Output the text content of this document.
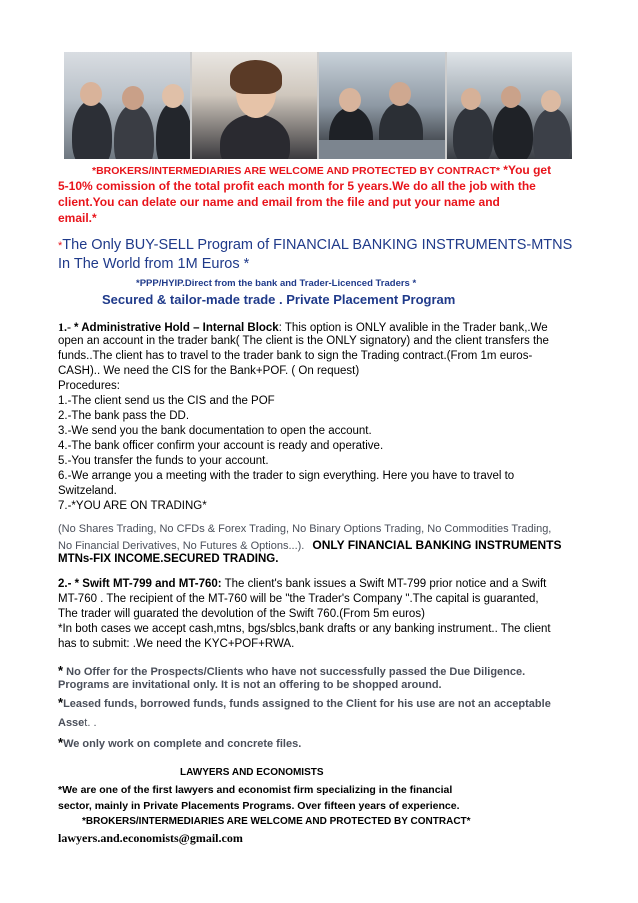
*BROKERS/INTERMEDIARIES ARE WELCOME AND PROTECTED BY CONTRACT* *You get
5-10% comission of the total profit each month for 5 years.We do all the job with the
client.You can delate our name and email from the file and put your name and
email.*
*The Only BUY-SELL Program of FINANCIAL BANKING INSTRUMENTS-MTNS
In The World from 1M Euros *
*PPP/HYIP.Direct from the bank and Trader-Licenced Traders *
Secured & tailor-made trade . Private Placement Program
1.- * Administrative Hold – Internal Block: This option is ONLY avalible in the Trader bank,.We
open an account in the trader bank( The client is the ONLY signatory) and the client transfers the
funds..The client has to travel to the trader bank to sign the Trading contract.(From 1m euros-
CASH).. We need the CIS for the Bank+POF. ( On request)
Procedures:
1.-The client send us the CIS and the POF
2.-The bank pass the DD.
3.-We send you the bank documentation to open the account.
4.-The bank officer confirm your account is ready and operative.
5.-You transfer the funds to your account.
6.-We arrange you a meeting with the trader to sign everything. Here you have to travel to
Switzeland.
7.-*YOU ARE ON TRADING*
(No Shares Trading, No CFDs & Forex Trading, No Binary Options Trading, No Commodities Trading,
No Financial Derivatives, No Futures & Options...). ONLY FINANCIAL BANKING INSTRUMENTS
MTNs-FIX INCOME.SECURED TRADING.
2.- * Swift MT-799 and MT-760: The client's bank issues a Swift MT-799 prior notice and a Swift
MT-760 . The recipient of the MT-760 will be "the Trader's Company ".The capital is guaranted,
The trader will guarated the devolution of the Swift 760.(From 5m euros)
*In both cases we accept cash,mtns, bgs/sblcs,bank drafts or any banking instrument.. The client
has to submit: .We need the KYC+POF+RWA.
* No Offer for the Prospects/Clients who have not successfully passed the Due Diligence.
Programs are invitational only. It is not an offering to be shopped around.
*Leased funds, borrowed funds, funds assigned to the Client for his use are not an acceptable
Asset. .
*We only work on complete and concrete files.
LAWYERS AND ECONOMISTS
*We are one of the first lawyers and economist firm specializing in the financial
sector, mainly in Private Placements Programs. Over fifteen years of experience.
*BROKERS/INTERMEDIARIES ARE WELCOME AND PROTECTED BY CONTRACT*
lawyers.and.economists@gmail.com
